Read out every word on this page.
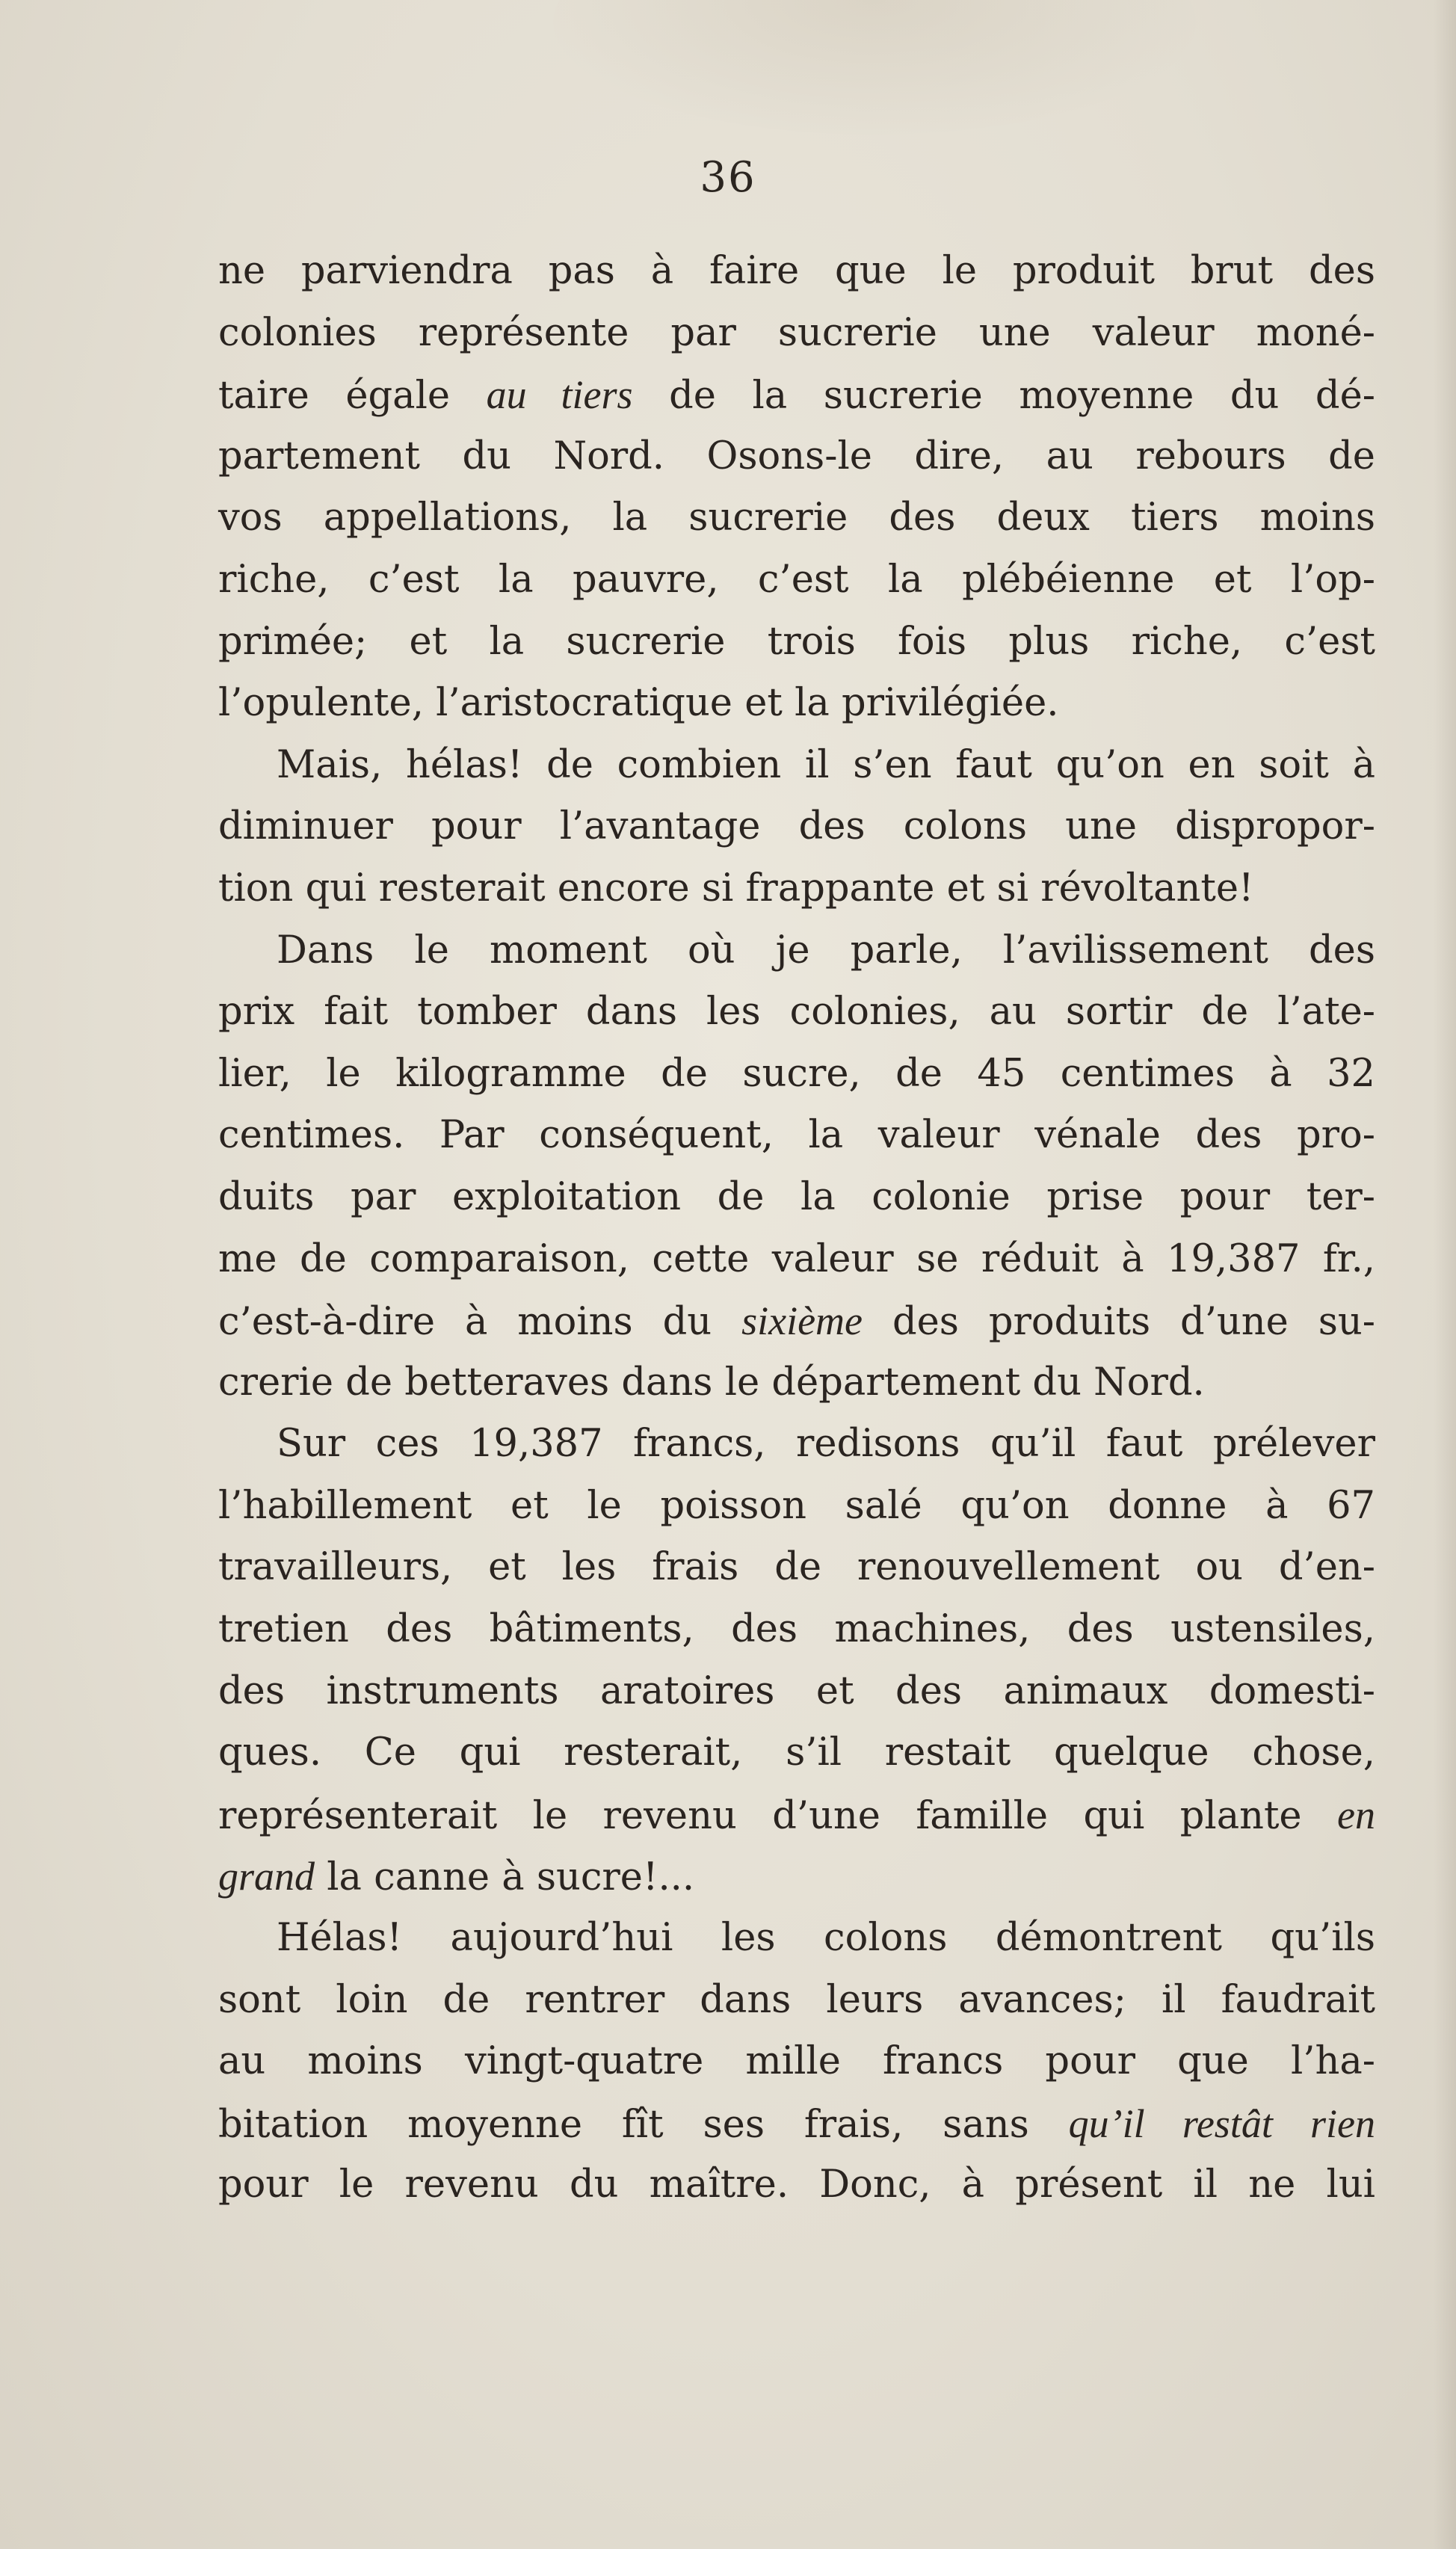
36
ne parviendra pas à faire que le produit brut des
colonies représente par sucrerie une valeur moné-
taire égale au tiers de la sucrerie moyenne du dé-
partement du Nord. Osons-le dire, au rebours de
vos appellations, la sucrerie des deux tiers moins
riche, c’est la pauvre, c’est la plébéienne et l’op-
primée; et la sucrerie trois fois plus riche, c’est
l’opulente, l’aristocratique et la privilégiée.
Mais, hélas! de combien il s’en faut qu’on en soit à
diminuer pour l’avantage des colons une dispropor-
tion qui resterait encore si frappante et si révoltante!
Dans le moment où je parle, l’avilissement des
prix fait tomber dans les colonies, au sortir de l’ate-
lier, le kilogramme de sucre, de 45 centimes à 32
centimes. Par conséquent, la valeur vénale des pro-
duits par exploitation de la colonie prise pour ter-
me de comparaison, cette valeur se réduit à 19,387 fr.,
c’est-à-dire à moins du sixième des produits d’une su-
crerie de betteraves dans le département du Nord.
Sur ces 19,387 francs, redisons qu’il faut prélever
l’habillement et le poisson salé qu’on donne à 67
travailleurs, et les frais de renouvellement ou d’en-
tretien des bâtiments, des machines, des ustensiles,
des instruments aratoires et des animaux domesti-
ques. Ce qui resterait, s’il restait quelque chose,
représenterait le revenu d’une famille qui plante en
grand la canne à sucre!...
Hélas! aujourd’hui les colons démontrent qu’ils
sont loin de rentrer dans leurs avances; il faudrait
au moins vingt-quatre mille francs pour que l’ha-
bitation moyenne fît ses frais, sans qu’il restât rien
pour le revenu du maître. Donc, à présent il ne lui
